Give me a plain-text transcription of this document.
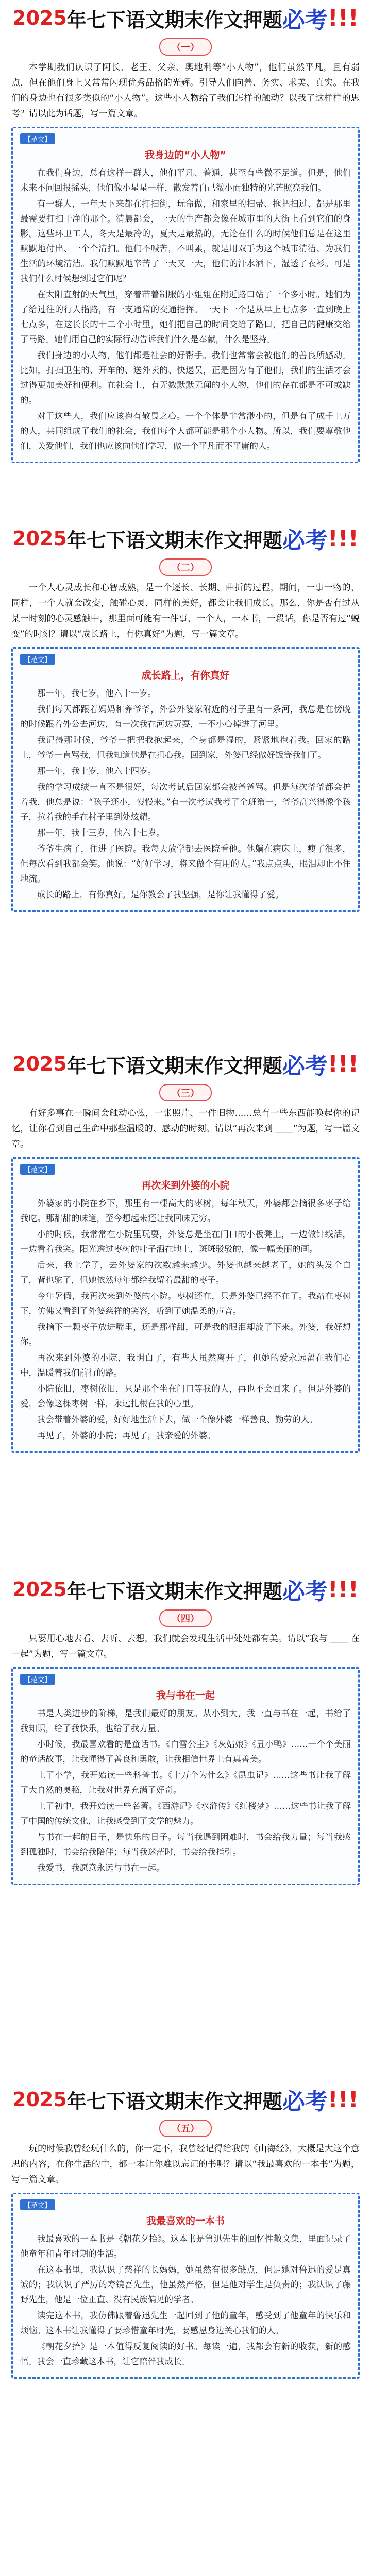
2025 年七下语文期末作文押题 必考 !!!
（一）

本学期我们认识了阿长、老王、父亲、奥地利等“小人物”，他们虽然平凡，且有弱点，但在他们身上又常常闪现优秀品格的光辉。引导人们向善、务实、求美、真实。在我们的身边也有很多类似的“小人物”。这些小人物给了我们怎样的触动？以我了这样样的思考？请以此为话题，写一篇文章。

【范文】
我身边的“小人物”

在我们身边，总有这样一群人，他们平凡、普通，甚至有些微不足道。但是，他们未来不问回报摇头，他们像小星星一样，散发着自己微小而独特的光芒照亮我们。

有一群人，一年天下来都在打扫街，玩命做，和家里的扫帚、拖把扫过、都是那里最需要打扫干净的那个。清晨都会，一天的生产都会像在城市里的大街上看到它们的身影。这些环卫工人，冬天是最冷的，夏天是最热的，无论在什么的时候他们总是在这里默默地付出、一个个清扫。他们不喊苦，不叫累，就是用双手为这个城市清洁、为我们生活的环境清洁。我们默默地辛苦了一天又一天，他们的汗水洒下，湿透了衣衫。可是我们什么时候想到过它们呢？

在太阳直射的天气里，穿着带着制服的小姐姐在附近路口站了一个多小时。她们为了给过往的行人指路，有一支通常的交通指挥。一天下一个是从早上七点多一直到晚上七点多，在这长长的十二个小时里，她们把自己的时间交给了路口，把自己的健康交给了马路。她们用自己的实际行动告诉我们什么是奉献，什么是坚持。

我们身边的小人物，他们都是社会的好帮手。我们也常常会被他们的善良所感动。比如，打扫卫生的、开车的、送外卖的、快递员，正是因为有了他们，我们的生活才会过得更加美好和便利。在社会上，有无数默默无闻的小人物，他们的存在都是不可或缺的。

对于这些人，我们应该抱有敬畏之心。一个个体是非常渺小的，但是有了成千上万的人，共同组成了我们的社会，我们每个人都可能是那个小人物。所以，我们要尊敬他们，关爱他们，我们也应该向他们学习，做一个平凡而不平庸的人。

2025 年七下语文期末作文押题 必考 !!!
（二）

一个人心灵成长和心智成熟，是一个逐长、长期、曲折的过程，期间，一事一物的，同样，一个人就会改变，触碰心灵，同样的美好，都会让我们成长。那么，你是否有过从某一时刻的心灵感触中，那里面可能有一件事，一个人，一本书，一段话，你是否有过“蜕变”的时刻？请以“成长路上，有你真好”为题，写一篇文章。

【范文】
成长路上，有你真好

那一年，我七岁，他六十一岁。

我们每天都跟着妈妈和养爷爷，外公外婆家附近的村子里有一条河，我总是在傍晚的时候跟着外公去河边，有一次我在河边玩耍，一不小心掉进了河里。

我记得那时候，爷爷一把把我抱起来，全身都是湿的，紧紧地抱着我。回家的路上，爷爷一直骂我，但我知道他是在担心我。回到家，外婆已经做好饭等我们了。

那一年，我十岁，他六十四岁。

我的学习成绩一直不是很好，每次考试后回家都会被爸爸骂。但是每次爷爷都会护着我，他总是说：“孩子还小，慢慢来。”有一次考试我考了全班第一，爷爷高兴得像个孩子，拉着我的手在村子里到处炫耀。

那一年，我十三岁，他六十七岁。

爷爷生病了，住进了医院。我每天放学都去医院看他。他躺在病床上，瘦了很多，但每次看到我都会笑。他说：“好好学习，将来做个有用的人。”我点点头，眼泪却止不住地流。

成长的路上，有你真好。是你教会了我坚强，是你让我懂得了爱。

2025 年七下语文期末作文押题 必考 !!!
（三）

有好多事在一瞬间会触动心弦，一张照片、一件旧物……总有一些东西能唤起你的记忆，让你看到自己生命中那些温暖的、感动的时刻。请以“再次来到 ____”为题，写一篇文章。

【范文】
再次来到外婆的小院

外婆家的小院在乡下，那里有一棵高大的枣树，每年秋天，外婆都会摘很多枣子给我吃。那甜甜的味道，至今想起来还让我回味无穷。

小的时候，我常常在小院里玩耍，外婆总是坐在门口的小板凳上，一边做针线活，一边看着我笑。阳光透过枣树的叶子洒在地上，斑斑驳驳的，像一幅美丽的画。

后来，我上学了，去外婆家的次数越来越少。外婆也越来越老了，她的头发全白了，背也驼了，但她依然每年都给我留着最甜的枣子。

今年暑假，我再次来到外婆的小院。枣树还在，只是外婆已经不在了。我站在枣树下，仿佛又看到了外婆慈祥的笑容，听到了她温柔的声音。

我摘下一颗枣子放进嘴里，还是那样甜，可是我的眼泪却流了下来。外婆，我好想你。

再次来到外婆的小院，我明白了，有些人虽然离开了，但她的爱永远留在我们心中，温暖着我们前行的路。

小院依旧，枣树依旧，只是那个坐在门口等我的人，再也不会回来了。但是外婆的爱，会像这棵枣树一样，永远扎根在我的心里。

我会带着外婆的爱，好好地生活下去，做一个像外婆一样善良、勤劳的人。

再见了，外婆的小院；再见了，我亲爱的外婆。

2025 年七下语文期末作文押题 必考 !!!
（四）

只要用心地去看、去听、去想，我们就会发现生活中处处都有美。请以“我与 ____ 在一起”为题，写一篇文章。

【范文】
我与书在一起

书是人类进步的阶梯，是我们最好的朋友。从小到大，我一直与书在一起，书给了我知识，给了我快乐，也给了我力量。

小时候，我最喜欢看的是童话书。《白雪公主》《灰姑娘》《丑小鸭》……一个个美丽的童话故事，让我懂得了善良和勇敢，让我相信世界上有真善美。

上了小学，我开始读一些科普书。《十万个为什么》《昆虫记》……这些书让我了解了大自然的奥秘，让我对世界充满了好奇。

上了初中，我开始读一些名著。《西游记》《水浒传》《红楼梦》……这些书让我了解了中国的传统文化，让我感受到了文学的魅力。

与书在一起的日子，是快乐的日子。每当我遇到困难时，书会给我力量；每当我感到孤独时，书会给我陪伴；每当我迷茫时，书会给我指引。

我爱书，我愿意永远与书在一起。

2025 年七下语文期末作文押题 必考 !!!
（五）

玩的时候我曾经玩什么的，你一定不，我曾经记得给我的《山海经》，大概是大这个意思的内容，在你生活的中，都一本让你难以忘记的书呢？请以“我最喜欢的一本书”为题，写一篇文章。

【范文】
我最喜欢的一本书

我最喜欢的一本书是《朝花夕拾》。这本书是鲁迅先生的回忆性散文集，里面记录了他童年和青年时期的生活。

在这本书里，我认识了慈祥的长妈妈，她虽然有很多缺点，但是她对鲁迅的爱是真诚的；我认识了严厉的寿镜吾先生，他虽然严格，但是他对学生是负责的；我认识了藤野先生，他是一位正直、没有民族偏见的学者。

读完这本书，我仿佛跟着鲁迅先生一起回到了他的童年，感受到了他童年的快乐和烦恼。这本书让我懂得了要珍惜童年时光，要感恩身边关心我们的人。

《朝花夕拾》是一本值得反复阅读的好书。每读一遍，我都会有新的收获，新的感悟。我会一直珍藏这本书，让它陪伴我成长。
